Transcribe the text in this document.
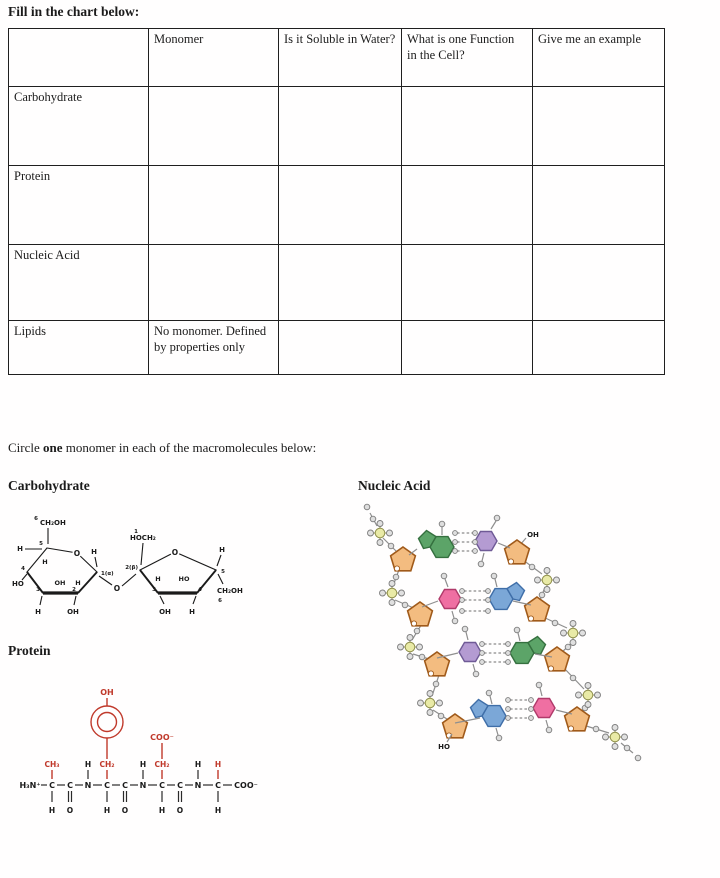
Fill in the chart below:
	Monomer	Is it Soluble in Water?	What is one Function in the Cell?	Give me an example
Carbohydrate				
Protein				
Nucleic Acid				
Lipids	No monomer. Defined by properties only			
Circle one monomer in each of the macromolecules below:
Carbohydrate	Nucleic Acid
Protein
O
6 CH₂OH
5
H
4
HO
H
OH H
3	2
H	OH
H
1(α)
O
O
1
HOCH₂
2(β)
H	HO
H
5
CH₂OH
6
3	4
OH	H
OH
COO⁻
CH₃	H CH₂	H CH₂	H H
H₃N⁺ C C N C C N C C N C COO⁻
H O	H O	H O	H
HO
OH
